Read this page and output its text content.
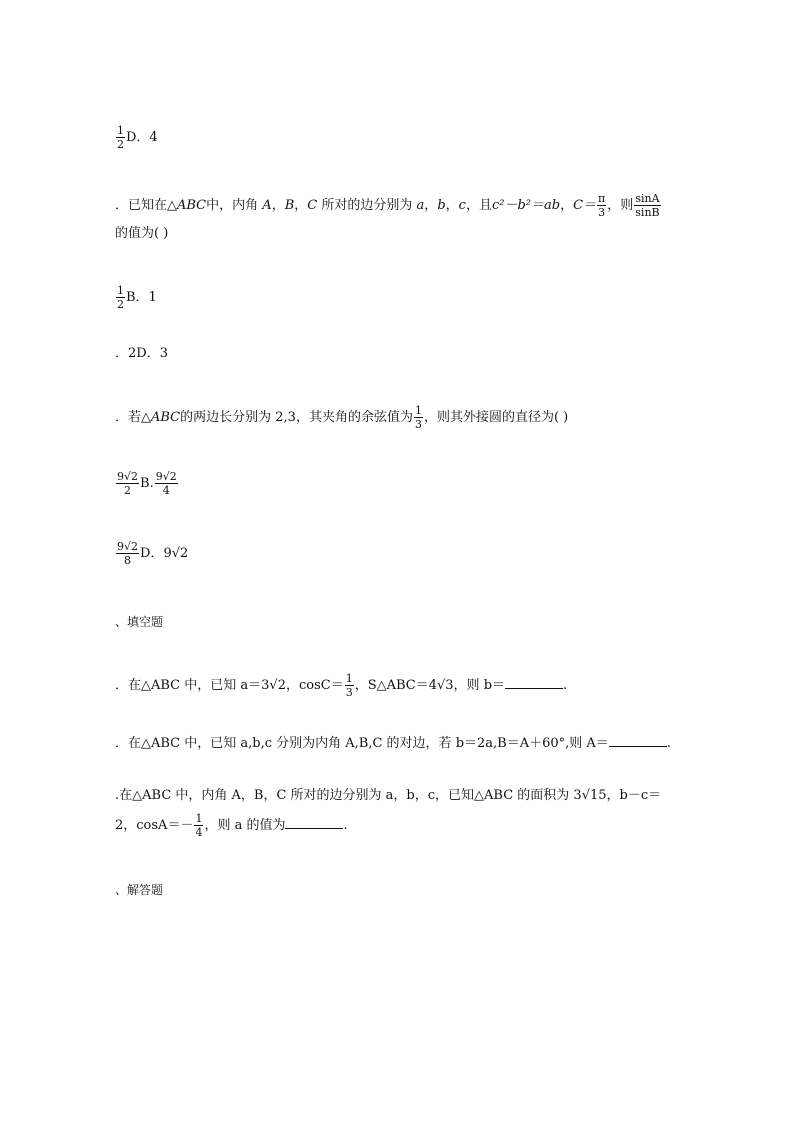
$\frac{1}{2}$ D．4
．已知在△ABC中，内角 A，B，C 所对的边分别为 a，b，c，且c²－b²＝ab，$C= \frac{\pi}{3}$ ，则 $\frac{\sin A}{\sin B}$
的值为( )
$\frac{1}{2}$ B．1
．2D．3
．若△ABC的两边长分别为 2,3，其夹角的余弦值为 $\frac{1}{3}$ ，则其外接圆的直径为( )
$\frac{9√2}{2} B$. $\frac{9√2}{4}$
$\frac{9√2}{8}$ D．9√2
、填空题
．在△ABC 中，已知 a＝3√2，$\cos C= \frac{1}{3}$ ，S△ABC＝4√3，则 b＝	.
．在△ABC 中，已知 a,b,c 分别为内角 A,B,C 的对边，若 b＝2a,B＝A＋60°,则 A＝	.
.在△ABC 中，内角 A，B，C 所对的边分别为 a，b，c，已知△ABC 的面积为 3√15，b－c＝
2，$\cos A=- \frac{1}{4}$ ，则 a 的值为	.
、解答题
